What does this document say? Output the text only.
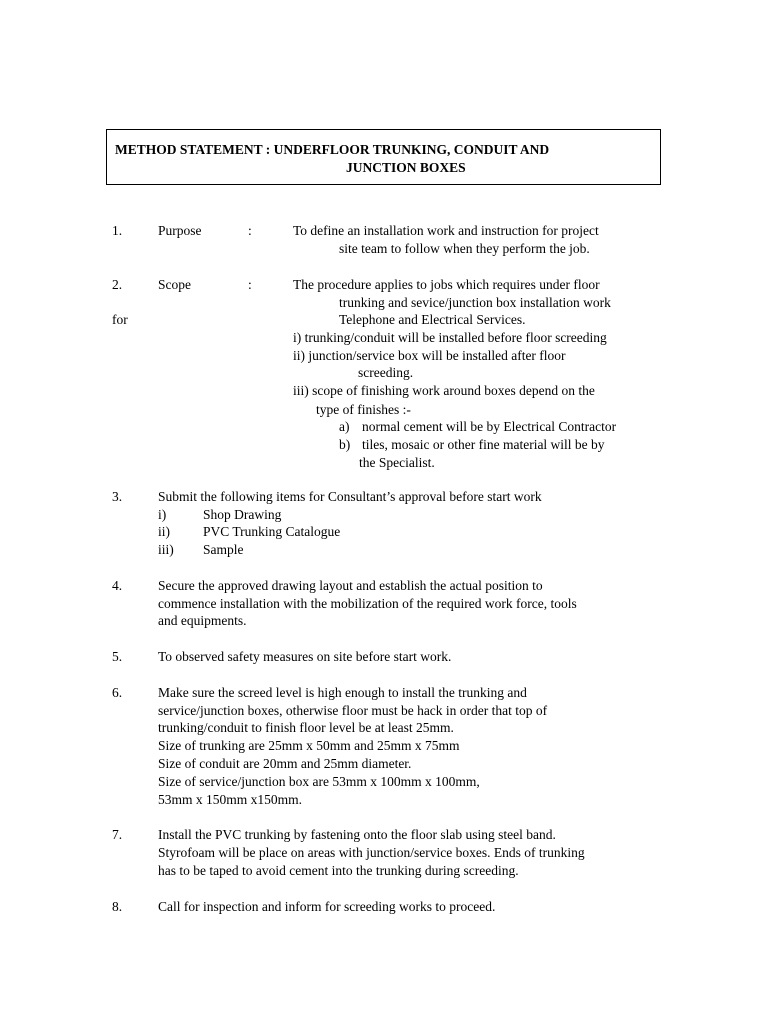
METHOD STATEMENT : UNDERFLOOR TRUNKING, CONDUIT AND
JUNCTION BOXES
1.	Purpose	:	To define an installation work and instruction for project
site team to follow when they perform the job.
2.	Scope	:	The procedure applies to jobs which requires under floor
trunking and sevice/junction box installation work
for	Telephone and Electrical Services.
i) trunking/conduit will be installed before floor screeding
ii) junction/service box will be installed after floor
screeding.
iii) scope of finishing work around boxes depend on the
type of finishes :-
a) normal cement will be by Electrical Contractor
b) tiles, mosaic or other fine material will be by
the Specialist.
3.	Submit the following items for Consultant’s approval before start work
i)	Shop Drawing
ii) PVC Trunking Catalogue
iii) Sample
4.	Secure the approved drawing layout and establish the actual position to
commence installation with the mobilization of the required work force, tools
and equipments.
5.	To observed safety measures on site before start work.
6.	Make sure the screed level is high enough to install the trunking and
service/junction boxes, otherwise floor must be hack in order that top of
trunking/conduit to finish floor level be at least 25mm.
Size of trunking are 25mm x 50mm and 25mm x 75mm
Size of conduit are 20mm and 25mm diameter.
Size of service/junction box are 53mm x 100mm x 100mm,
53mm x 150mm x150mm.
7.	Install the PVC trunking by fastening onto the floor slab using steel band.
Styrofoam will be place on areas with junction/service boxes. Ends of trunking
has to be taped to avoid cement into the trunking during screeding.
8.	Call for inspection and inform for screeding works to proceed.
